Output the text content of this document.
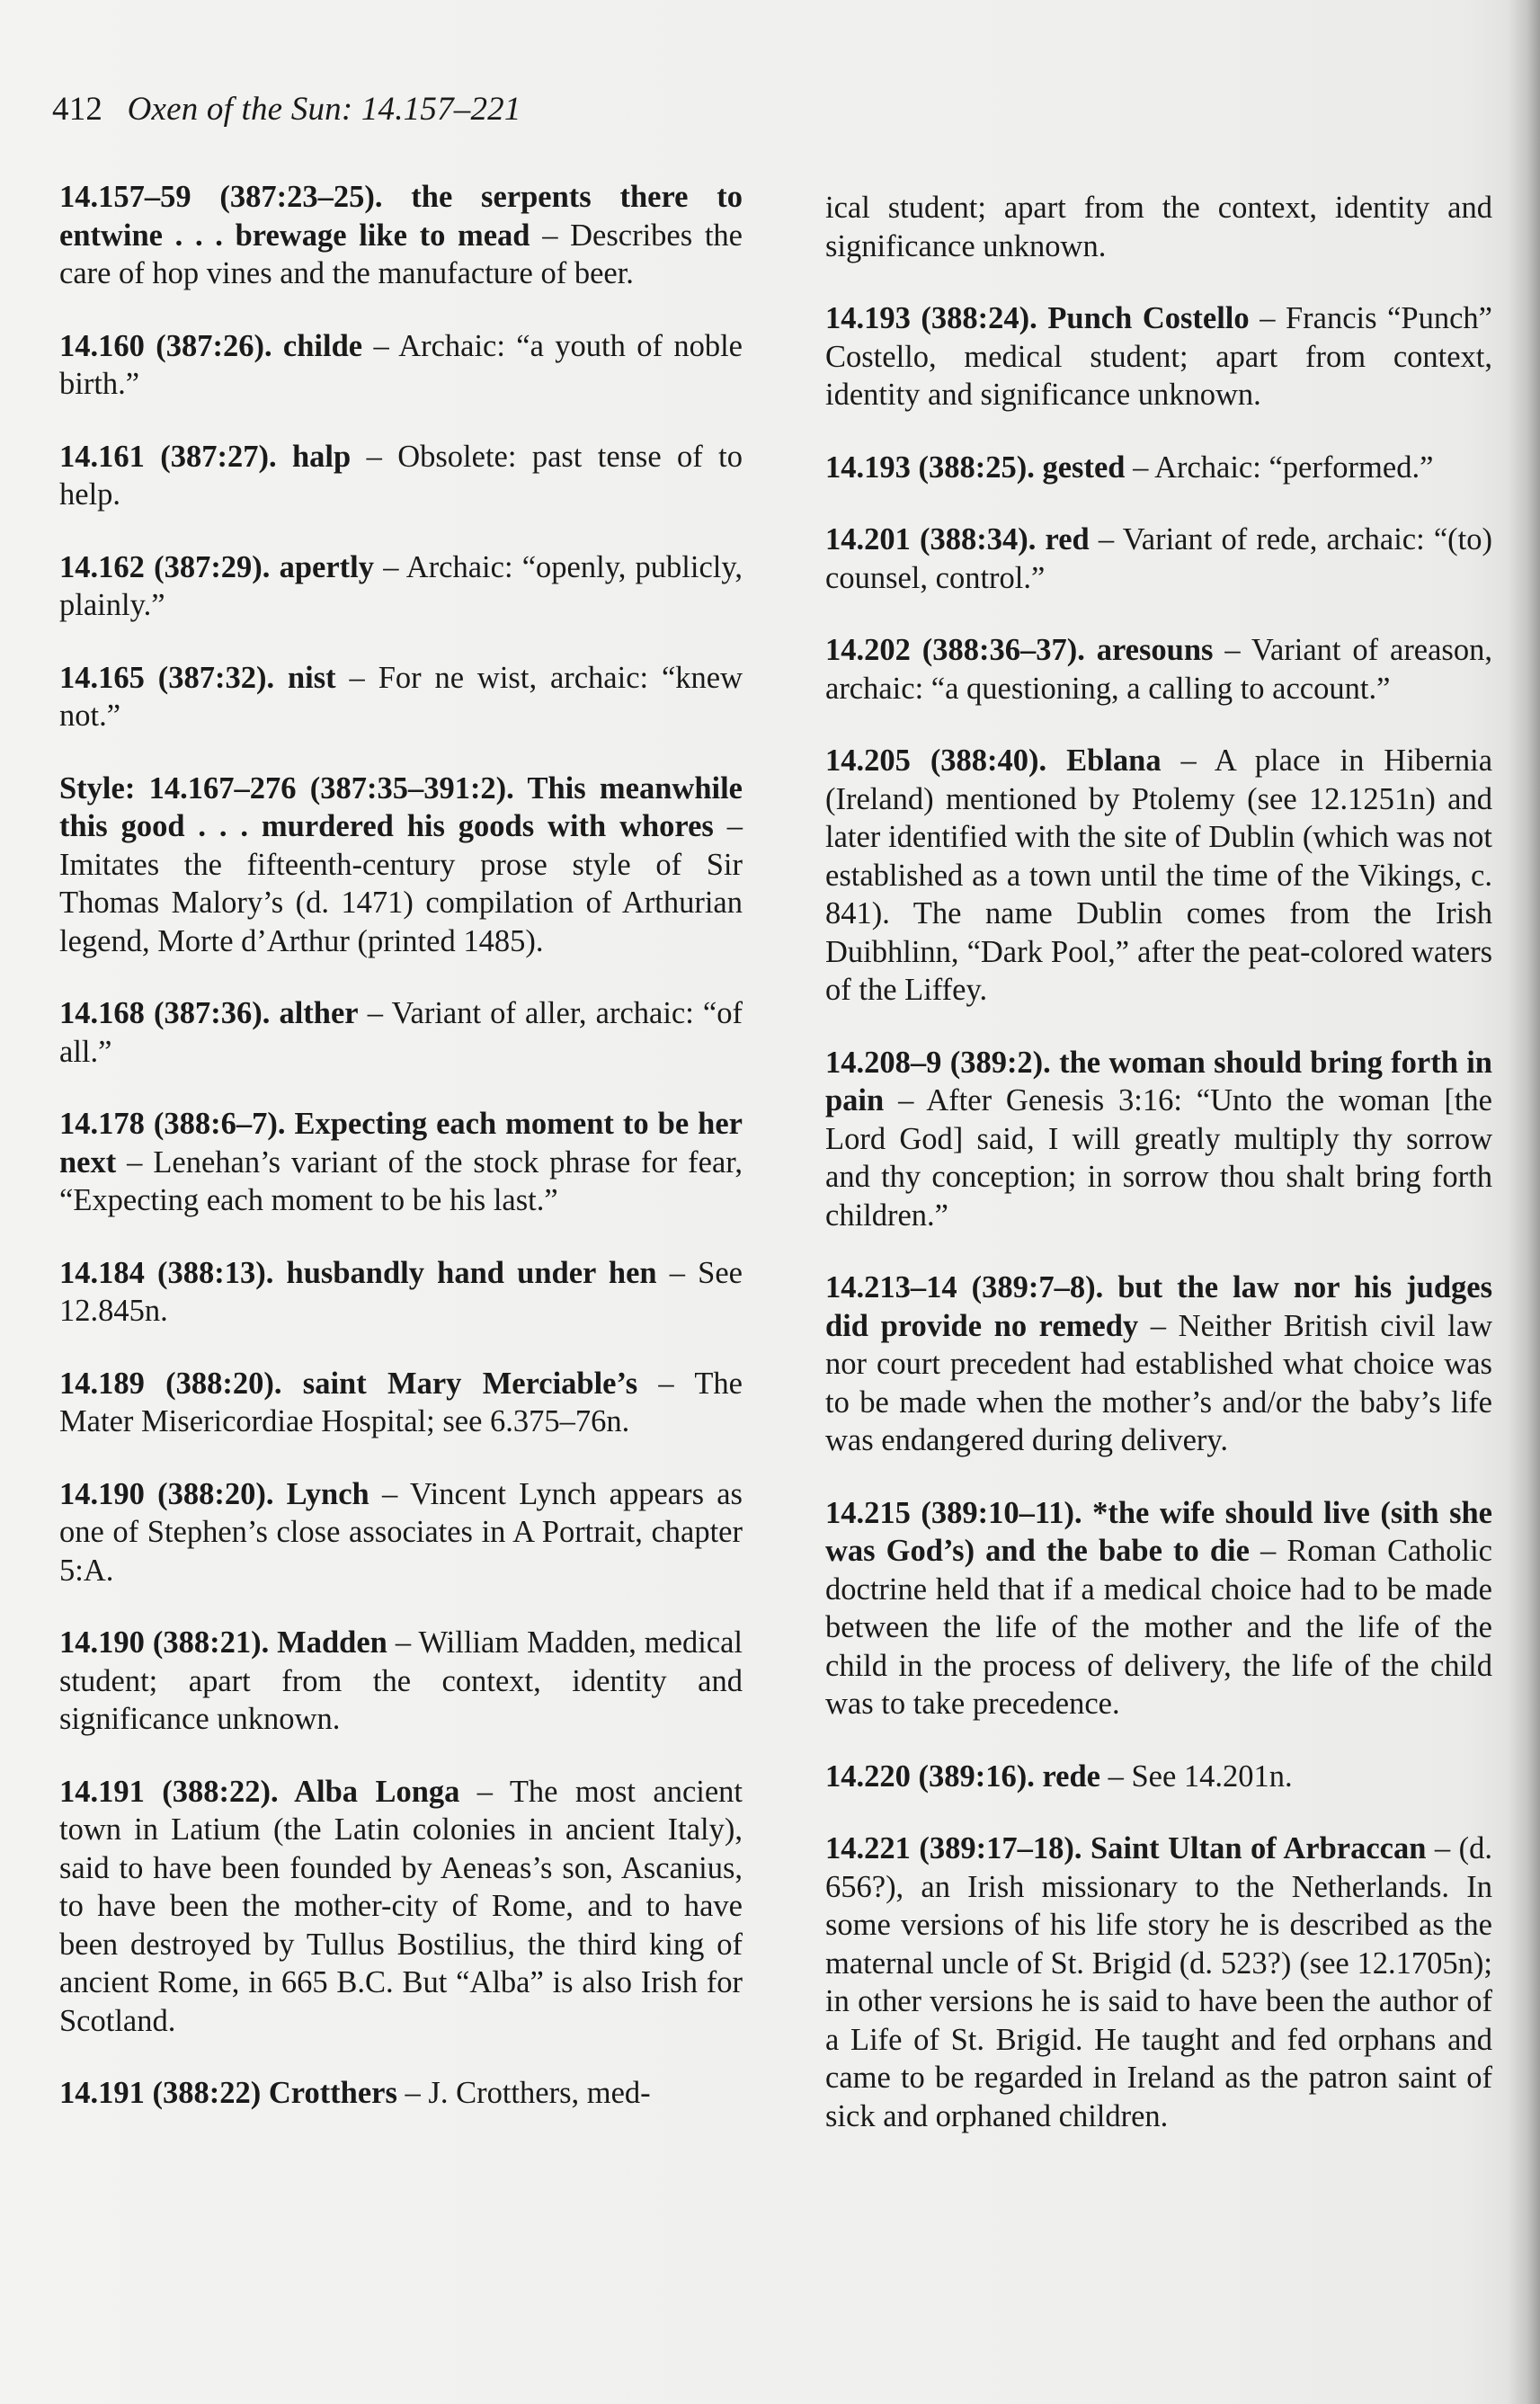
412 Oxen of the Sun: 14.157–221

14.157–59 (387:23–25). the serpents there to entwine . . . brewage like to mead – Describes the care of hop vines and the manufacture of beer.

14.160 (387:26). childe – Archaic: “a youth of noble birth.”

14.161 (387:27). halp – Obsolete: past tense of to help.

14.162 (387:29). apertly – Archaic: “openly, publicly, plainly.”

14.165 (387:32). nist – For ne wist, archaic: “knew not.”

Style: 14.167–276 (387:35–391:2). This meanwhile this good . . . murdered his goods with whores – Imitates the fifteenth-century prose style of Sir Thomas Malory’s (d. 1471) compilation of Arthurian legend, Morte d’Arthur (printed 1485).

14.168 (387:36). alther – Variant of aller, archaic: “of all.”

14.178 (388:6–7). Expecting each moment to be her next – Lenehan’s variant of the stock phrase for fear, “Expecting each moment to be his last.”

14.184 (388:13). husbandly hand under hen – See 12.845n.

14.189 (388:20). saint Mary Merciable’s – The Mater Misericordiae Hospital; see 6.375–76n.

14.190 (388:20). Lynch – Vincent Lynch appears as one of Stephen’s close associates in A Portrait, chapter 5:A.

14.190 (388:21). Madden – William Madden, medical student; apart from the context, identity and significance unknown.

14.191 (388:22). Alba Longa – The most ancient town in Latium (the Latin colonies in ancient Italy), said to have been founded by Aeneas’s son, Ascanius, to have been the mother-city of Rome, and to have been destroyed by Tullus Bostilius, the third king of ancient Rome, in 665 B.C. But “Alba” is also Irish for Scotland.

14.191 (388:22) Crotthers – J. Crotthers, med-

ical student; apart from the context, identity and significance unknown.

14.193 (388:24). Punch Costello – Francis “Punch” Costello, medical student; apart from context, identity and significance unknown.

14.193 (388:25). gested – Archaic: “performed.”

14.201 (388:34). red – Variant of rede, archaic: “(to) counsel, control.”

14.202 (388:36–37). aresouns – Variant of areason, archaic: “a questioning, a calling to account.”

14.205 (388:40). Eblana – A place in Hibernia (Ireland) mentioned by Ptolemy (see 12.1251n) and later identified with the site of Dublin (which was not established as a town until the time of the Vikings, c. 841). The name Dublin comes from the Irish Duibhlinn, “Dark Pool,” after the peat-colored waters of the Liffey.

14.208–9 (389:2). the woman should bring forth in pain – After Genesis 3:16: “Unto the woman [the Lord God] said, I will greatly multiply thy sorrow and thy conception; in sorrow thou shalt bring forth children.”

14.213–14 (389:7–8). but the law nor his judges did provide no remedy – Neither British civil law nor court precedent had established what choice was to be made when the mother’s and/or the baby’s life was endangered during delivery.

14.215 (389:10–11). *the wife should live (sith she was God’s) and the babe to die – Roman Catholic doctrine held that if a medical choice had to be made between the life of the mother and the life of the child in the process of delivery, the life of the child was to take precedence.

14.220 (389:16). rede – See 14.201n.

14.221 (389:17–18). Saint Ultan of Arbraccan – (d. 656?), an Irish missionary to the Netherlands. In some versions of his life story he is described as the maternal uncle of St. Brigid (d. 523?) (see 12.1705n); in other versions he is said to have been the author of a Life of St. Brigid. He taught and fed orphans and came to be regarded in Ireland as the patron saint of sick and orphaned children.
